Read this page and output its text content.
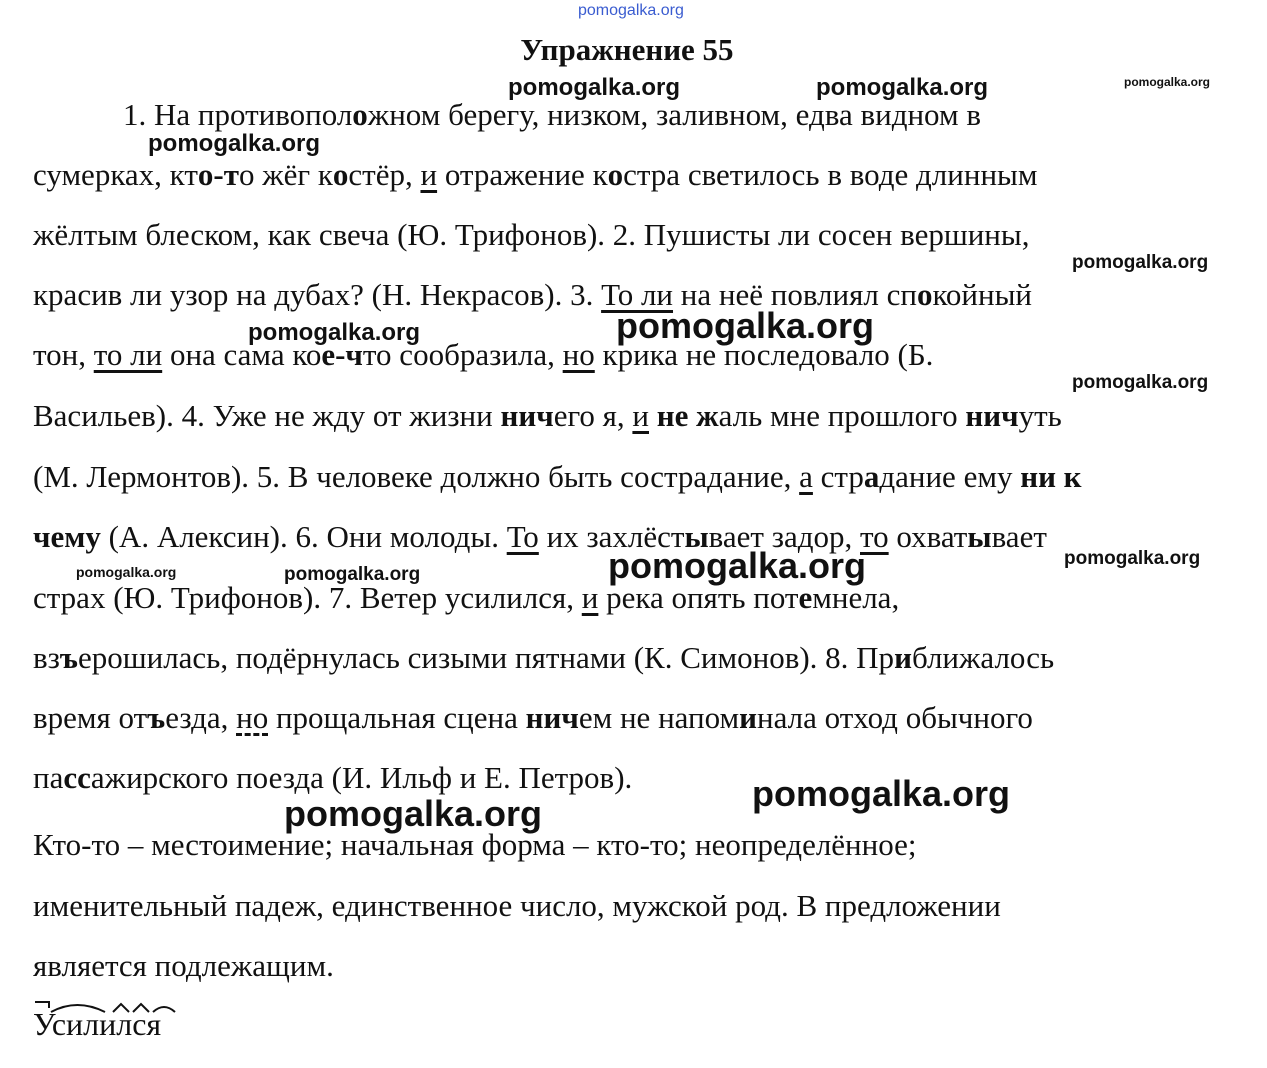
Упражнение 55
1. На противоположном берегу, низком, заливном, едва видном в
сумерках, кто-то жёг костёр, и отражение костра светилось в воде длинным
жёлтым блеском, как свеча (Ю. Трифонов). 2. Пушисты ли сосен вершины,
красив ли узор на дубах? (Н. Некрасов). 3. То ли на неё повлиял спокойный
тон, то ли она сама кое-что сообразила, но крика не последовало (Б.
Васильев). 4. Уже не жду от жизни ничего я, и не жаль мне прошлого ничуть
(М. Лермонтов). 5. В человеке должно быть сострадание, а страдание ему ни к
чему (А. Алексин). 6. Они молоды. То их захлёстывает задор, то охватывает
страх (Ю. Трифонов). 7. Ветер усилился, и река опять потемнела,
взъерошилась, подёрнулась сизыми пятнами (К. Симонов). 8. Приближалось
время отъезда, но прощальная сцена ничем не напоминала отход обычного
пассажирского поезда (И. Ильф и Е. Петров).
Кто-то – местоимение; начальная форма – кто-то; неопределённое;
именительный падеж, единственное число, мужской род. В предложении
является подлежащим.
Усилился
pomogalka.org
pomogalka.org	pomogalka.org	pomogalka.org
pomogalka.org
pomogalka.org
pomogalka.org	pomogalka.org
pomogalka.org
pomogalka.org	pomogalka.org	pomogalka.org	pomogalka.org
pomogalka.org
pomogalka.org
